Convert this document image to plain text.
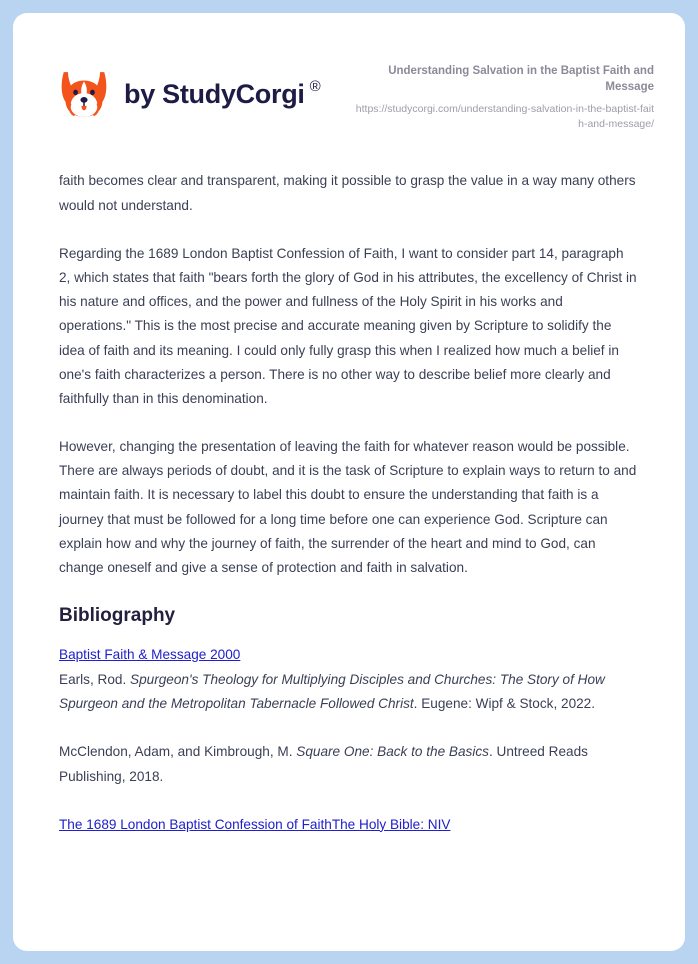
by StudyCorgi ®

Understanding Salvation in the Baptist Faith and Message

https://studycorgi.com/understanding-salvation-in-the-baptist-faith-and-message/

faith becomes clear and transparent, making it possible to grasp the value in a way many others would not understand.

Regarding the 1689 London Baptist Confession of Faith, I want to consider part 14, paragraph 2, which states that faith "bears forth the glory of God in his attributes, the excellency of Christ in his nature and offices, and the power and fullness of the Holy Spirit in his works and operations." This is the most precise and accurate meaning given by Scripture to solidify the idea of faith and its meaning. I could only fully grasp this when I realized how much a belief in one's faith characterizes a person. There is no other way to describe belief more clearly and faithfully than in this denomination.

However, changing the presentation of leaving the faith for whatever reason would be possible. There are always periods of doubt, and it is the task of Scripture to explain ways to return to and maintain faith. It is necessary to label this doubt to ensure the understanding that faith is a journey that must be followed for a long time before one can experience God. Scripture can explain how and why the journey of faith, the surrender of the heart and mind to God, can change oneself and give a sense of protection and faith in salvation.

Bibliography

Baptist Faith & Message 2000
Earls, Rod. Spurgeon's Theology for Multiplying Disciples and Churches: The Story of How Spurgeon and the Metropolitan Tabernacle Followed Christ. Eugene: Wipf & Stock, 2022.

McClendon, Adam, and Kimbrough, M. Square One: Back to the Basics. Untreed Reads Publishing, 2018.

The 1689 London Baptist Confession of FaithThe Holy Bible: NIV
